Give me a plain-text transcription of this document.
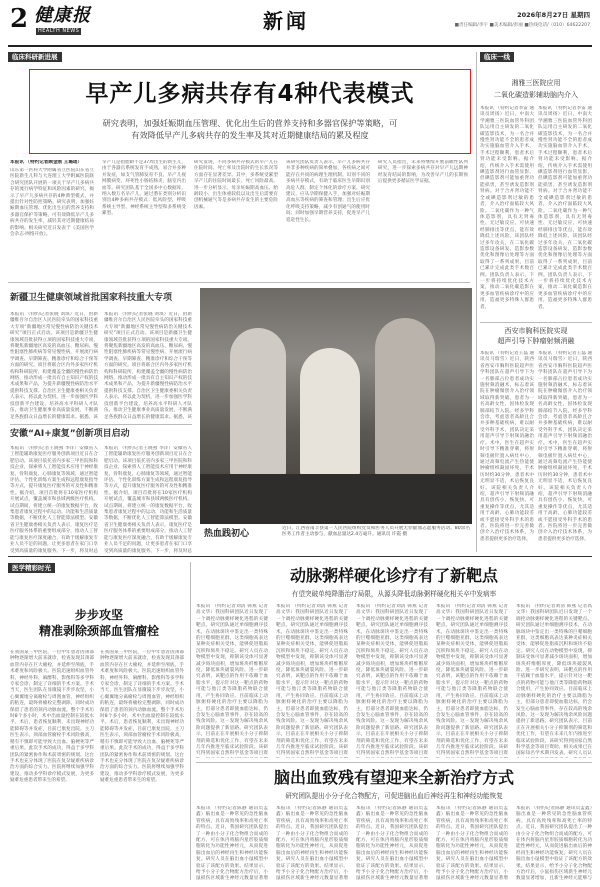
2 健康报
HEALTH NEWS	新闻	2026年8月27日 星期四
■责任编辑/李宇 ■美术编辑/彭丽 ■热线电话/（010）64622207
临床科研新进展	临床一线
早产儿多病共存有4种代表模式
研究表明，加强妊娠期血压管理、优化出生后的营养支持和多器官保护等策略，可
有效降低早产儿多病共存的发生率及其对近期健康结局的累及程度
本报讯 （特约记者顾金刚 王璐瑶）
山东第一医科大学附属省立医院山东省立医院新生儿科与大连理工大学附属医院联合研究团队开展的一项关于早产儿多病共存的流行病学特征和风险因素的研究，揭示了早产儿多病共存的4种典型模式，并提出针对性防控策略。研究表明，加强妊娠期血压管理、优化出生后的营养支持和多器官保护等策略，可有效降低早产儿多病共存的发生率，减轻其对近期健康结局的影响。相关研究近日发表于《美国医学会杂志·网络开放》。
早产儿是指胎龄不足37周出生的新生儿，由于各器官系统发育不成熟，易合并多种并发症，如支气管肺发育不良、早产儿视网膜病变、坏死性小肠结肠炎、脑室内出血等。研究团队基于全国多中心数据库，纳入数万名早产儿，通过潜在类别分析识别出4种多病共存模式：低风险型、呼吸系统主导型、神经系统主导型和多系统受累型。
研究发现，不同多病共存模式的早产儿在住院时间、死亡率及出院时的生长状况等方面存在显著差异。其中，多系统受累型早产儿的住院时间最长、死亡风险最高。进一步分析显示，母亲妊娠期高血压、胎龄较小、出生体重较低以及出生后需要有创机械通气等是多病共存发生的主要危险因素。
该研究团队负责人表示，早产儿多病共存并非多种疾病的简单叠加，各疾病之间可能存在共同的病理生理机制。识别不同的多病共存模式，有助于临床医生早期识别高危人群，制定个体化的诊疗方案。研究建议，应从孕期保健入手，加强对妊娠期高血压等疾病的筛查和管理；出生后应优化呼吸支持策略，减少有创通气的使用时间；同时加强早期营养支持，促进早产儿追赶性生长。
研究人员指出，未来将继续开展前瞻性队列研究，进一步探索多病共存对早产儿远期神经发育结局的影响，为改善早产儿的长期预后提供更多循证医学证据。
湘雅三医院应用
二氧化碳造影辅助脑内介入
本报讯 （特约记者李雷 通讯员周扬）近日，中南大学湘雅三医院血管外科团队运用自主研发的二氧化碳造影技术，为一名合并慢性肾功能不全的患者成功实施脑血管介入手术，手术过程顺利，患者术后肾功能未受影响。据介绍，传统介入手术需使用碘造影剂进行血管显影，但碘造影剂可能加重肾功能损害，甚至诱发造影剂肾病。对于合并肾功能不全或碘造影剂过敏的患者，介入治疗面临较大风险。二氧化碳作为一种气体造影剂，具有无肾毒性、无过敏反应、可快速经肺排出等优点，能有效降低上述风险。该团队经过多年攻关，在二氧化碳造影设备研发、造影参数优化和图像后处理等方面取得了一系列成果，目前已累计完成此类手术数百例。团队负责人表示，下一步将持续优化技术方案，推动二氧化碳造影在更多血管疾病诊疗中的应用，造福更多特殊人群患者。
本报讯 （特约记者李雷 通讯员周扬）近日，中南大学湘雅三医院血管外科团队运用自主研发的二氧化碳造影技术，为一名合并慢性肾功能不全的患者成功实施脑血管介入手术，手术过程顺利，患者术后肾功能未受影响。据介绍，传统介入手术需使用碘造影剂进行血管显影，但碘造影剂可能加重肾功能损害，甚至诱发造影剂肾病。对于合并肾功能不全或碘造影剂过敏的患者，介入治疗面临较大风险。二氧化碳作为一种气体造影剂，具有无肾毒性、无过敏反应、可快速经肺排出等优点，能有效降低上述风险。该团队经过多年攻关，在二氧化碳造影设备研发、造影参数优化和图像后处理等方面取得了一系列成果，目前已累计完成此类手术数百例。团队负责人表示，下一步将持续优化技术方案，推动二氧化碳造影在更多血管疾病诊疗中的应用，造福更多特殊人群患者。
西安市胸科医院实现
超声引导下肿瘤射频消融
本报讯 （特约记者王磊 通讯员马瑞雪）近日，陕西省西安市胸科医院超声医学科团队在超声引导下为一名肺部占位患者成功实施射频消融术，标志着该院在肿瘤微创介入治疗领域取得新突破。患者为一名高龄女性，因体检发现肺部结节入院。经多学科会诊，考虑患者高龄且合并多种基础疾病，难以耐受外科手术，团队决定采用超声引导下射频消融治疗。术中，医生在超声实时引导下精准穿刺，将射频电极针置入病灶中心，通过高频电流产生热能使肿瘤组织凝固坏死，手术历时约30分钟，患者术中无明显不适，术后恢复良好。该院相关负责人介绍，超声引导下射频消融具有创伤小、恢复快、可重复操作等优点，尤其适用于高龄、心肺功能较差或不愿接受外科手术的患者。医院将进一步完善微创介入治疗技术体系，为患者提供更多治疗选择。
本报讯 （特约记者王磊 通讯员马瑞雪）近日，陕西省西安市胸科医院超声医学科团队在超声引导下为一名肺部占位患者成功实施射频消融术，标志着该院在肿瘤微创介入治疗领域取得新突破。患者为一名高龄女性，因体检发现肺部结节入院。经多学科会诊，考虑患者高龄且合并多种基础疾病，难以耐受外科手术，团队决定采用超声引导下射频消融治疗。术中，医生在超声实时引导下精准穿刺，将射频电极针置入病灶中心，通过高频电流产生热能使肿瘤组织凝固坏死，手术历时约30分钟，患者术中无明显不适，术后恢复良好。该院相关负责人介绍，超声引导下射频消融具有创伤小、恢复快、可重复操作等优点，尤其适用于高龄、心肺功能较差或不愿接受外科手术的患者。医院将进一步完善微创介入治疗技术体系，为患者提供更多治疗选择。
新疆卫生健康领域首批国家科技重大专项
本报讯 （特约记者张晓 刘琪）近日，由新疆维吾尔自治区人民医院牵头的国家科技重大专项“新疆地区常见慢性病防治关键技术研究”项目正式启动。该项目是新疆卫生健康领域首批获得立项的国家科技重大专项，将聚焦新疆地区高发的高血压、糖尿病、慢性阻塞性肺疾病等常见慢性病，开展流行病学调查、早期筛查、精准诊疗和综合干预等方面的研究。项目将联合区内外多家医疗机构和科研院所，构建覆盖全疆的慢性病防治网络，推动形成一批具有自主知识产权的技术成果和产品，为提升新疆慢性病防治水平提供科技支撑。自治区卫生健康委相关负责人表示，将以此为契机，进一步加强医学科技创新平台建设，培养高水平科研人才队伍，推动卫生健康事业高质量发展，不断满足各族群众日益增长的健康需求。据悉，该
本报讯 （特约记者张晓 刘琪）近日，由新疆维吾尔自治区人民医院牵头的国家科技重大专项“新疆地区常见慢性病防治关键技术研究”项目正式启动。该项目是新疆卫生健康领域首批获得立项的国家科技重大专项，将聚焦新疆地区高发的高血压、糖尿病、慢性阻塞性肺疾病等常见慢性病，开展流行病学调查、早期筛查、精准诊疗和综合干预等方面的研究。项目将联合区内外多家医疗机构和科研院所，构建覆盖全疆的慢性病防治网络，推动形成一批具有自主知识产权的技术成果和产品，为提升新疆慢性病防治水平提供科技支撑。自治区卫生健康委相关负责人表示，将以此为契机，进一步加强医学科技创新平台建设，培养高水平科研人才队伍，推动卫生健康事业高质量发展，不断满足各族群众日益增长的健康需求。据悉，该
安徽“AI+康复”创新项目启动
本报讯 （特约记者王晓燕 李洋）安徽省人工智能辅助康复医疗服务创新项目近日在合肥启动。该项目依托省内多家三甲医院和科技企业，探索将人工智能技术应用于神经康复、骨科康复、心肺康复等领域，通过智能评估、个性化训练方案生成和远程康复指导等方式，提升康复医疗服务的可及性和精准性。据介绍，项目首批将在10家医疗机构开展试点，覆盖城市和县域两级医疗机构。试点期间，将建立统一的康复数据平台，收集患者康复过程中的运动、功能和生活质量等数据，不断优化人工智能算法模型。安徽省卫生健康委相关负责人表示，康复医疗是医疗服务体系的重要组成部分，推动人工智能与康复医疗深度融合，有助于缓解康复专业人员不足的问题，让更多患者在家门口享受到高质量的康复服务。下一步，将及时总
本报讯 （特约记者王晓燕 李洋）安徽省人工智能辅助康复医疗服务创新项目近日在合肥启动。该项目依托省内多家三甲医院和科技企业，探索将人工智能技术应用于神经康复、骨科康复、心肺康复等领域，通过智能评估、个性化训练方案生成和远程康复指导等方式，提升康复医疗服务的可及性和精准性。据介绍，项目首批将在10家医疗机构开展试点，覆盖城市和县域两级医疗机构。试点期间，将建立统一的康复数据平台，收集患者康复过程中的运动、功能和生活质量等数据，不断优化人工智能算法模型。安徽省卫生健康委相关负责人表示，康复医疗是医疗服务体系的重要组成部分，推动人工智能与康复医疗深度融合，有助于缓解康复专业人员不足的问题，让更多患者在家门口享受到高质量的康复服务。下一步，将及时总
热血践初心
近日，江西省南丰县第一人民医院组织党员和医务人员开展无偿献血志愿服务活动。80余名医务工作者主动参与，献血总量达2.4万毫升。通讯员 许霞 摄
医学精彩时光
步步攻坚
精准剥除颈部血管瘤栓
在我国某三甲医院，一位中年患者因颈部肿物逐渐增大前来就诊，检查发现其颈部血管内存在巨大瘤栓，并延伸至颅底，手术难度和风险极大。医院迅速组织血管外科、神经外科、麻醉科、影像科等多学科专家会诊，制定了详细的手术方案。手术当天，医生团队在显微镜下步步攻坚，小心翼翼地分离瘤栓与周围血管、神经组织的粘连，最终将瘤栓完整剥除，同时成功保留了患者的颈内动脉血流。整个手术历时8个多小时，术中出血量控制在较低水平。术后，患者恢复顺利，未出现神经功能障碍等并发症，目前已康复出院。主刀医生表示，颈部血管瘤栓手术风险极高，稍有不慎即可能导致大出血、脑梗死等严重后果。此次手术的成功，得益于多学科团队的紧密协作和术前周密的规划。这台手术也充分体现了医院在复杂疑难疾病诊治方面的综合实力。医院将继续加强学科建设，推动多学科诊疗模式发展，为更多疑难危重患者带来生的希望。
在我国某三甲医院，一位中年患者因颈部肿物逐渐增大前来就诊，检查发现其颈部血管内存在巨大瘤栓，并延伸至颅底，手术难度和风险极大。医院迅速组织血管外科、神经外科、麻醉科、影像科等多学科专家会诊，制定了详细的手术方案。手术当天，医生团队在显微镜下步步攻坚，小心翼翼地分离瘤栓与周围血管、神经组织的粘连，最终将瘤栓完整剥除，同时成功保留了患者的颈内动脉血流。整个手术历时8个多小时，术中出血量控制在较低水平。术后，患者恢复顺利，未出现神经功能障碍等并发症，目前已康复出院。主刀医生表示，颈部血管瘤栓手术风险极高，稍有不慎即可能导致大出血、脑梗死等严重后果。此次手术的成功，得益于多学科团队的紧密协作和术前周密的规划。这台手术也充分体现了医院在复杂疑难疾病诊治方面的综合实力。医院将继续加强学科建设，推动多学科诊疗模式发展，为更多疑难危重患者带来生的希望。
动脉粥样硬化诊疗有了新靶点
有望突破单纯降脂治疗局限，从源头降低动脉粥样硬化相关卒中发病率
本报讯 （特约记者刘清 韩燕 记者高文华）我国科研团队近日发现了一个调控动脉粥样硬化进程的关键靶点。研究团队通过单细胞测序技术，在动脉斑块中鉴定出一类特殊的巨噬细胞亚群，这类细胞高表达某种炎症相关受体，能够促进脂质沉积和斑块不稳定。研究人员在动物模型中发现，抑制该受体可显著减少斑块面积，增加斑块纤维帽厚度，降低斑块破裂风险。进一步研究表明，该靶点的作用不依赖于血脂水平，提示针对这一靶点的药物可能与他汀类等降脂药物联合使用，产生协同效应。目前临床上动脉粥样硬化的治疗主要以降脂为主，但部分患者即使血脂达标，仍会发生心脑血管事件，存在较高的残余风险。这一发现为解决残余风险问题提供了新思路。研究团队表示，目前正在开展相关小分子抑制剂的筛选和优化工作，有望在未来几年内推进至临床试验阶段。该研究得到国家自然科学基金等项目资
本报讯 （特约记者刘清 韩燕 记者高文华）我国科研团队近日发现了一个调控动脉粥样硬化进程的关键靶点。研究团队通过单细胞测序技术，在动脉斑块中鉴定出一类特殊的巨噬细胞亚群，这类细胞高表达某种炎症相关受体，能够促进脂质沉积和斑块不稳定。研究人员在动物模型中发现，抑制该受体可显著减少斑块面积，增加斑块纤维帽厚度，降低斑块破裂风险。进一步研究表明，该靶点的作用不依赖于血脂水平，提示针对这一靶点的药物可能与他汀类等降脂药物联合使用，产生协同效应。目前临床上动脉粥样硬化的治疗主要以降脂为主，但部分患者即使血脂达标，仍会发生心脑血管事件，存在较高的残余风险。这一发现为解决残余风险问题提供了新思路。研究团队表示，目前正在开展相关小分子抑制剂的筛选和优化工作，有望在未来几年内推进至临床试验阶段。该研究得到国家自然科学基金等项目资
本报讯 （特约记者刘清 韩燕 记者高文华）我国科研团队近日发现了一个调控动脉粥样硬化进程的关键靶点。研究团队通过单细胞测序技术，在动脉斑块中鉴定出一类特殊的巨噬细胞亚群，这类细胞高表达某种炎症相关受体，能够促进脂质沉积和斑块不稳定。研究人员在动物模型中发现，抑制该受体可显著减少斑块面积，增加斑块纤维帽厚度，降低斑块破裂风险。进一步研究表明，该靶点的作用不依赖于血脂水平，提示针对这一靶点的药物可能与他汀类等降脂药物联合使用，产生协同效应。目前临床上动脉粥样硬化的治疗主要以降脂为主，但部分患者即使血脂达标，仍会发生心脑血管事件，存在较高的残余风险。这一发现为解决残余风险问题提供了新思路。研究团队表示，目前正在开展相关小分子抑制剂的筛选和优化工作，有望在未来几年内推进至临床试验阶段。该研究得到国家自然科学基金等项目资
本报讯 （特约记者刘清 韩燕 记者高文华）我国科研团队近日发现了一个调控动脉粥样硬化进程的关键靶点。研究团队通过单细胞测序技术，在动脉斑块中鉴定出一类特殊的巨噬细胞亚群，这类细胞高表达某种炎症相关受体，能够促进脂质沉积和斑块不稳定。研究人员在动物模型中发现，抑制该受体可显著减少斑块面积，增加斑块纤维帽厚度，降低斑块破裂风险。进一步研究表明，该靶点的作用不依赖于血脂水平，提示针对这一靶点的药物可能与他汀类等降脂药物联合使用，产生协同效应。目前临床上动脉粥样硬化的治疗主要以降脂为主，但部分患者即使血脂达标，仍会发生心脑血管事件，存在较高的残余风险。这一发现为解决残余风险问题提供了新思路。研究团队表示，目前正在开展相关小分子抑制剂的筛选和优化工作，有望在未来几年内推进至临床试验阶段。该研究得到国家自然科学基金等项目资
本报讯 （特约记者刘清 韩燕 记者高文华）我国科研团队近日发现了一个调控动脉粥样硬化进程的关键靶点。研究团队通过单细胞测序技术，在动脉斑块中鉴定出一类特殊的巨噬细胞亚群，这类细胞高表达某种炎症相关受体，能够促进脂质沉积和斑块不稳定。研究人员在动物模型中发现，抑制该受体可显著减少斑块面积，增加斑块纤维帽厚度，降低斑块破裂风险。进一步研究表明，该靶点的作用不依赖于血脂水平，提示针对这一靶点的药物可能与他汀类等降脂药物联合使用，产生协同效应。目前临床上动脉粥样硬化的治疗主要以降脂为主，但部分患者即使血脂达标，仍会发生心脑血管事件，存在较高的残余风险。这一发现为解决残余风险问题提供了新思路。研究团队表示，目前正在开展相关小分子抑制剂的筛选和优化工作，有望在未来几年内推进至临床试验阶段。该研究得到国家自然科学基金等项目资助，相关成果已在国际知名学术期刊发表。研究人员认
脑出血致残有望迎来全新治疗方式
研究团队提出小分子化合物配方，可促进脑出血后神经再生和神经功能恢复
本报讯 （特约记者陈静 通讯员孟鑫）脑出血是一种常见的急性脑血管疾病，具有高致残率和高死亡率的特点。近日，我国研究团队提出了一种由小分子化合物组合而成的配方，可在体内将脑内星形胶质细胞转化为功能性神经元，从而促进脑出血后的神经再生和神经功能恢复。研究人员在脑出血小鼠模型中验证了该配方的效果。结果显示，给予小分子化合物配方治疗后，小鼠损伤区域新生神经元数量显著增
本报讯 （特约记者陈静 通讯员孟鑫）脑出血是一种常见的急性脑血管疾病，具有高致残率和高死亡率的特点。近日，我国研究团队提出了一种由小分子化合物组合而成的配方，可在体内将脑内星形胶质细胞转化为功能性神经元，从而促进脑出血后的神经再生和神经功能恢复。研究人员在脑出血小鼠模型中验证了该配方的效果。结果显示，给予小分子化合物配方治疗后，小鼠损伤区域新生神经元数量显著增
本报讯 （特约记者陈静 通讯员孟鑫）脑出血是一种常见的急性脑血管疾病，具有高致残率和高死亡率的特点。近日，我国研究团队提出了一种由小分子化合物组合而成的配方，可在体内将脑内星形胶质细胞转化为功能性神经元，从而促进脑出血后的神经再生和神经功能恢复。研究人员在脑出血小鼠模型中验证了该配方的效果。结果显示，给予小分子化合物配方治疗后，小鼠损伤区域新生神经元数量显著增
本报讯 （特约记者陈静 通讯员孟鑫）脑出血是一种常见的急性脑血管疾病，具有高致残率和高死亡率的特点。近日，我国研究团队提出了一种由小分子化合物组合而成的配方，可在体内将脑内星形胶质细胞转化为功能性神经元，从而促进脑出血后的神经再生和神经功能恢复。研究人员在脑出血小鼠模型中验证了该配方的效果。结果显示，给予小分子化合物配方治疗后，小鼠损伤区域新生神经元数量显著增
本报讯 （特约记者陈静 通讯员孟鑫）脑出血是一种常见的急性脑血管疾病，具有高致残率和高死亡率的特点。近日，我国研究团队提出了一种由小分子化合物组合而成的配方，可在体内将脑内星形胶质细胞转化为功能性神经元，从而促进脑出血后的神经再生和神经功能恢复。研究人员在脑出血小鼠模型中验证了该配方的效果。结果显示，给予小分子化合物配方治疗后，小鼠损伤区域新生神经元数量显著增加，且新生神经元能够与
